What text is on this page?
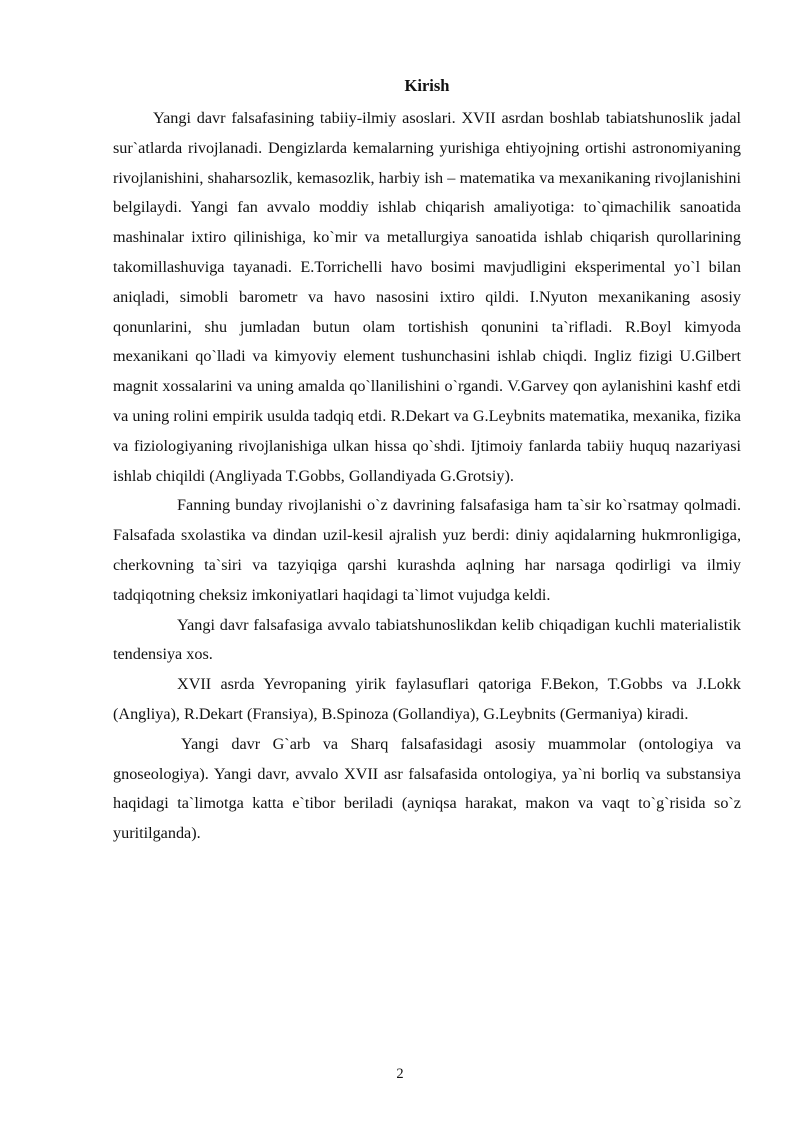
Kirish

Yangi davr falsafasining tabiiy-ilmiy asoslari. XVII asrdan boshlab tabiatshunoslik jadal sur`atlarda rivojlanadi. Dengizlarda kemalarning yurishiga ehtiyojning ortishi astronomiyaning rivojlanishini, shaharsozlik, kemasozlik, harbiy ish – matematika va mexanikaning rivojlanishini belgilaydi. Yangi fan avvalo moddiy ishlab chiqarish amaliyotiga: to`qimachilik sanoatida mashinalar ixtiro qilinishiga, ko`mir va metallurgiya sanoatida ishlab chiqarish qurollarining takomillashuviga tayanadi. E.Torrichelli havo bosimi mavjudligini eksperimental yo`l bilan aniqladi, simobli barometr va havo nasosini ixtiro qildi. I.Nyuton mexanikaning asosiy qonunlarini, shu jumladan butun olam tortishish qonunini ta`rifladi. R.Boyl kimyoda mexanikani qo`lladi va kimyoviy element tushunchasini ishlab chiqdi. Ingliz fizigi U.Gilbert magnit xossalarini va uning amalda qo`llanilishini o`rgandi. V.Garvey qon aylanishini kashf etdi va uning rolini empirik usulda tadqiq etdi. R.Dekart va G.Leybnits matematika, mexanika, fizika va fiziologiyaning rivojlanishiga ulkan hissa qo`shdi. Ijtimoiy fanlarda tabiiy huquq nazariyasi ishlab chiqildi (Angliyada T.Gobbs, Gollandiyada G.Grotsiy).

Fanning bunday rivojlanishi o`z davrining falsafasiga ham ta`sir ko`rsatmay qolmadi. Falsafada sxolastika va dindan uzil-kesil ajralish yuz berdi: diniy aqidalarning hukmronligiga, cherkovning ta`siri va tazyiqiga qarshi kurashda aqlning har narsaga qodirligi va ilmiy tadqiqotning cheksiz imkoniyatlari haqidagi ta`limot vujudga keldi.

Yangi davr falsafasiga avvalo tabiatshunoslikdan kelib chiqadigan kuchli materialistik tendensiya xos.

XVII asrda Yevropaning yirik faylasuflari qatoriga F.Bekon, T.Gobbs va J.Lokk (Angliya), R.Dekart (Fransiya), B.Spinoza (Gollandiya), G.Leybnits (Germaniya) kiradi.

Yangi davr G`arb va Sharq falsafasidagi asosiy muammolar (ontologiya va gnoseologiya). Yangi davr, avvalo XVII asr falsafasida ontologiya, ya`ni borliq va substansiya haqidagi ta`limotga katta e`tibor beriladi (ayniqsa harakat, makon va vaqt to`g`risida so`z yuritilganda).

2
